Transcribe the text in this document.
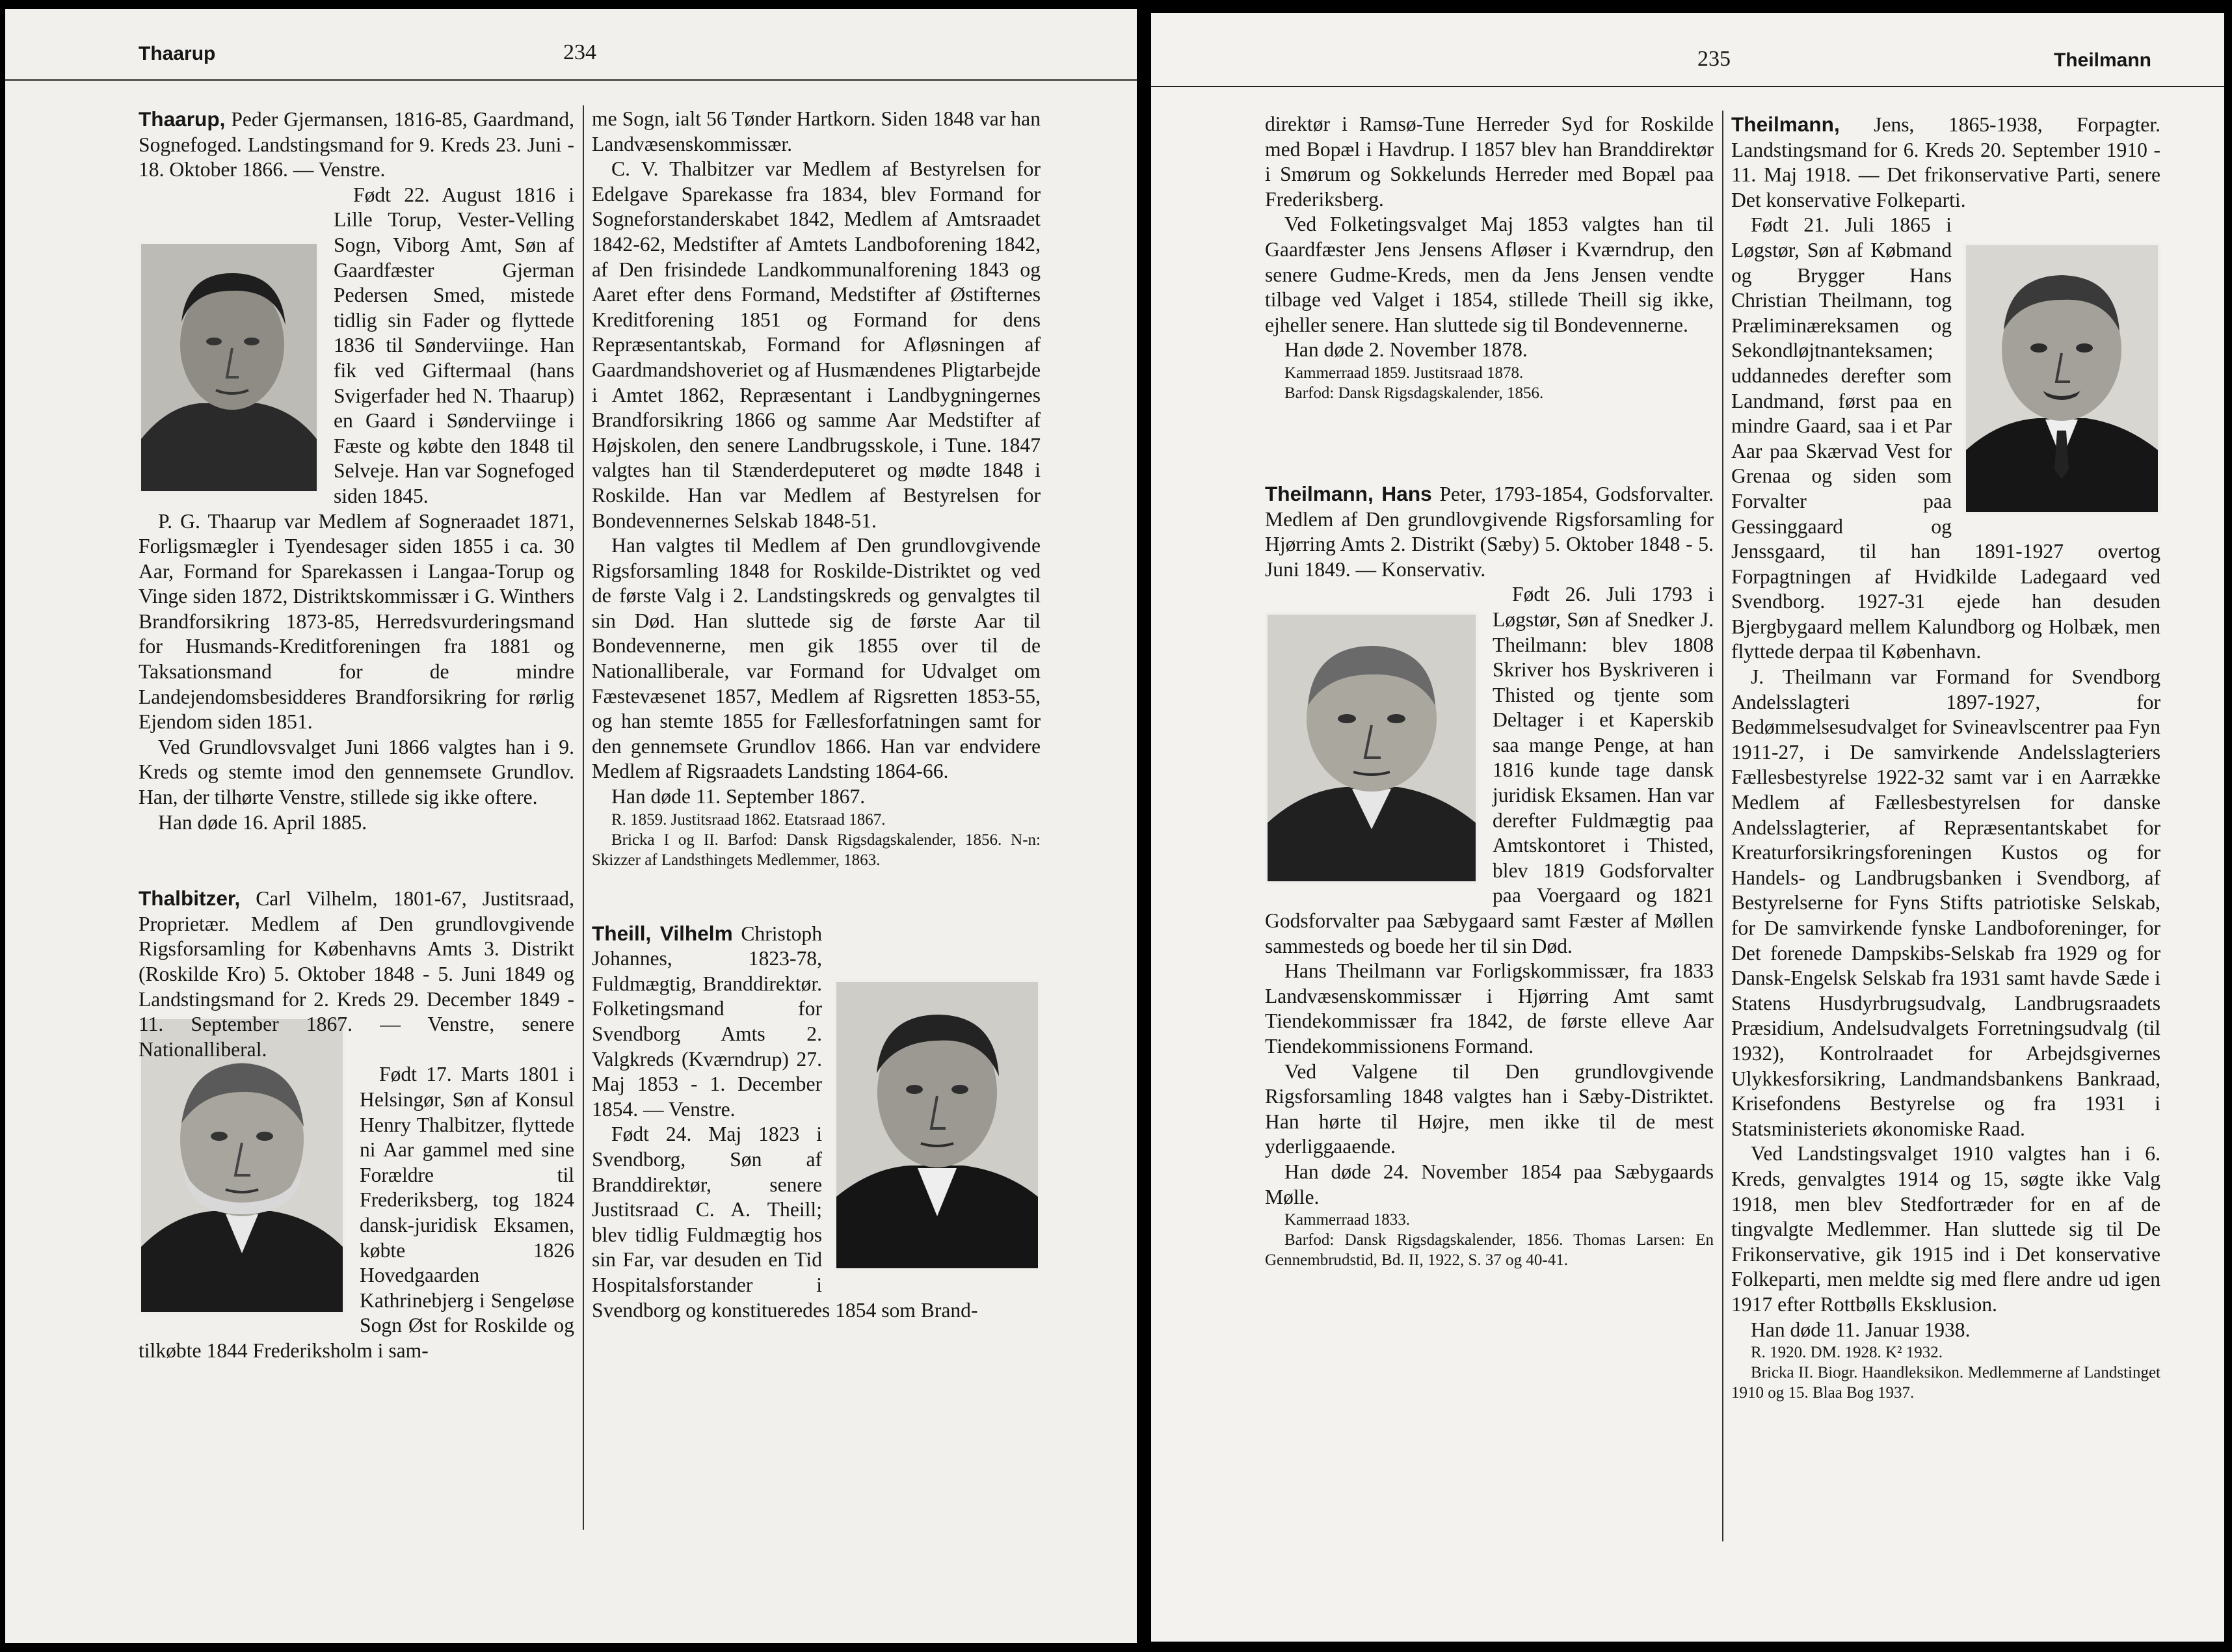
Thaarup	234

Thaarup, Peder Gjermansen, 1816-85, Gaardmand, Sognefoged. Landstingsmand for 9. Kreds 23. Juni - 18. Oktober 1866. — Venstre.

Født 22. August 1816 i Lille Torup, Vester-Velling Sogn, Viborg Amt, Søn af Gaardfæster Gjerman Pedersen Smed, mistede tidlig sin Fader og flyttede 1836 til Sønderviinge. Han fik ved Giftermaal (hans Svigerfader hed N. Thaarup) en Gaard i Sønderviinge i Fæste og købte den 1848 til Selveje. Han var Sognefoged siden 1845.

P. G. Thaarup var Medlem af Sogneraadet 1871, Forligsmægler i Tyendesager siden 1855 i ca. 30 Aar, Formand for Sparekassen i Langaa-Torup og Vinge siden 1872, Distriktskommissær i G. Winthers Brandforsikring 1873-85, Herredsvurderingsmand for Husmands-Kreditforeningen fra 1881 og Taksationsmand for de mindre Landejendomsbesidderes Brandforsikring for rørlig Ejendom siden 1851.

Ved Grundlovsvalget Juni 1866 valgtes han i 9. Kreds og stemte imod den gennemsete Grundlov. Han, der tilhørte Venstre, stillede sig ikke oftere.

Han døde 16. April 1885.

Thalbitzer, Carl Vilhelm, 1801-67, Justitsraad, Proprietær. Medlem af Den grundlovgivende Rigsforsamling for Københavns Amts 3. Distrikt (Roskilde Kro) 5. Oktober 1848 - 5. Juni 1849 og Landstingsmand for 2. Kreds 29. December 1849 - 11. September 1867. — Venstre, senere Nationalliberal.

Født 17. Marts 1801 i Helsingør, Søn af Konsul Henry Thalbitzer, flyttede ni Aar gammel med sine Forældre til Frederiksberg, tog 1824 dansk-juridisk Eksamen, købte 1826 Hovedgaarden Kathrinebjerg i Sengeløse Sogn Øst for Roskilde og tilkøbte 1844 Frederiksholm i sam-

me Sogn, ialt 56 Tønder Hartkorn. Siden 1848 var han Landvæsenskommissær.

C. V. Thalbitzer var Medlem af Bestyrelsen for Edelgave Sparekasse fra 1834, blev Formand for Sogneforstanderskabet 1842, Medlem af Amtsraadet 1842-62, Medstifter af Amtets Landboforening 1842, af Den frisindede Landkommunalforening 1843 og Aaret efter dens Formand, Medstifter af Østifternes Kreditforening 1851 og Formand for dens Repræsentantskab, Formand for Afløsningen af Gaardmandshoveriet og af Husmændenes Pligtarbejde i Amtet 1862, Repræsentant i Landbygningernes Brandforsikring 1866 og samme Aar Medstifter af Højskolen, den senere Landbrugsskole, i Tune. 1847 valgtes han til Stænderdeputeret og mødte 1848 i Roskilde. Han var Medlem af Bestyrelsen for Bondevennernes Selskab 1848-51.

Han valgtes til Medlem af Den grundlovgivende Rigsforsamling 1848 for Roskilde-Distriktet og ved de første Valg i 2. Landstingskreds og genvalgtes til sin Død. Han sluttede sig de første Aar til Bondevennerne, men gik 1855 over til de Nationalliberale, var Formand for Udvalget om Fæstevæsenet 1857, Medlem af Rigsretten 1853-55, og han stemte 1855 for Fællesforfatningen samt for den gennemsete Grundlov 1866. Han var endvidere Medlem af Rigsraadets Landsting 1864-66.

Han døde 11. September 1867.

R. 1859. Justitsraad 1862. Etatsraad 1867.

Bricka I og II. Barfod: Dansk Rigsdagskalender, 1856. N-n: Skizzer af Landsthingets Medlemmer, 1863.

Theill, Vilhelm Christoph Johannes, 1823-78, Fuldmægtig, Branddirektør. Folketingsmand for Svendborg Amts 2. Valgkreds (Kværndrup) 27. Maj 1853 - 1. December 1854. — Venstre.

Født 24. Maj 1823 i Svendborg, Søn af Branddirektør, senere Justitsraad C. A. Theill; blev tidlig Fuldmægtig hos sin Far, var desuden en Tid Hospitalsforstander i Svendborg og konstitueredes 1854 som Brand-

235	Theilmann

direktør i Ramsø-Tune Herreder Syd for Roskilde med Bopæl i Havdrup. I 1857 blev han Branddirektør i Smørum og Sokkelunds Herreder med Bopæl paa Frederiksberg.

Ved Folketingsvalget Maj 1853 valgtes han til Gaardfæster Jens Jensens Afløser i Kværndrup, den senere Gudme-Kreds, men da Jens Jensen vendte tilbage ved Valget i 1854, stillede Theill sig ikke, ejheller senere. Han sluttede sig til Bondevennerne.

Han døde 2. November 1878.

Kammerraad 1859. Justitsraad 1878.

Barfod: Dansk Rigsdagskalender, 1856.

Theilmann, Hans Peter, 1793-1854, Godsforvalter. Medlem af Den grundlovgivende Rigsforsamling for Hjørring Amts 2. Distrikt (Sæby) 5. Oktober 1848 - 5. Juni 1849. — Konservativ.

Født 26. Juli 1793 i Løgstør, Søn af Snedker J. Theilmann: blev 1808 Skriver hos Byskriveren i Thisted og tjente som Deltager i et Kaperskib saa mange Penge, at han 1816 kunde tage dansk juridisk Eksamen. Han var derefter Fuldmægtig paa Amtskontoret i Thisted, blev 1819 Godsforvalter paa Voergaard og 1821 Godsforvalter paa Sæbygaard samt Fæster af Møllen sammesteds og boede her til sin Død.

Hans Theilmann var Forligskommissær, fra 1833 Landvæsenskommissær i Hjørring Amt samt Tiendekommissær fra 1842, de første elleve Aar Tiendekommissionens Formand.

Ved Valgene til Den grundlovgivende Rigsforsamling 1848 valgtes han i Sæby-Distriktet. Han hørte til Højre, men ikke til de mest yderliggaaende.

Han døde 24. November 1854 paa Sæbygaards Mølle.

Kammerraad 1833.

Barfod: Dansk Rigsdagskalender, 1856. Thomas Larsen: En Gennembrudstid, Bd. II, 1922, S. 37 og 40-41.

Theilmann, Jens, 1865-1938, Forpagter. Landstingsmand for 6. Kreds 20. September 1910 - 11. Maj 1918. — Det frikonservative Parti, senere Det konservative Folkeparti.

Født 21. Juli 1865 i Løgstør, Søn af Købmand og Brygger Hans Christian Theilmann, tog Præliminæreksamen og Sekondløjtnanteksamen; uddannedes derefter som Landmand, først paa en mindre Gaard, saa i et Par Aar paa Skærvad Vest for Grenaa og siden som Forvalter paa Gessinggaard og Jenssgaard, til han 1891-1927 overtog Forpagtningen af Hvidkilde Ladegaard ved Svendborg. 1927-31 ejede han desuden Bjergbygaard mellem Kalundborg og Holbæk, men flyttede derpaa til København.

J. Theilmann var Formand for Svendborg Andelsslagteri 1897-1927, for Bedømmelsesudvalget for Svineavlscentrer paa Fyn 1911-27, i De samvirkende Andelsslagteriers Fællesbestyrelse 1922-32 samt var i en Aarrække Medlem af Fællesbestyrelsen for danske Andelsslagterier, af Repræsentantskabet for Kreaturforsikringsforeningen Kustos og for Handels- og Landbrugsbanken i Svendborg, af Bestyrelserne for Fyns Stifts patriotiske Selskab, for De samvirkende fynske Landboforeninger, for Det forenede Dampskibs-Selskab fra 1929 og for Dansk-Engelsk Selskab fra 1931 samt havde Sæde i Statens Husdyrbrugsudvalg, Landbrugsraadets Præsidium, Andelsudvalgets Forretningsudvalg (til 1932), Kontrolraadet for Arbejdsgivernes Ulykkesforsikring, Landmandsbankens Bankraad, Krisefondens Bestyrelse og fra 1931 i Statsministeriets økonomiske Raad.

Ved Landstingsvalget 1910 valgtes han i 6. Kreds, genvalgtes 1914 og 15, søgte ikke Valg 1918, men blev Stedfortræder for en af de tingvalgte Medlemmer. Han sluttede sig til De Frikonservative, gik 1915 ind i Det konservative Folkeparti, men meldte sig med flere andre ud igen 1917 efter Rottbølls Eksklusion.

Han døde 11. Januar 1938.

R. 1920. DM. 1928. K² 1932.

Bricka II. Biogr. Haandleksikon. Medlemmerne af Landstinget 1910 og 15. Blaa Bog 1937.
